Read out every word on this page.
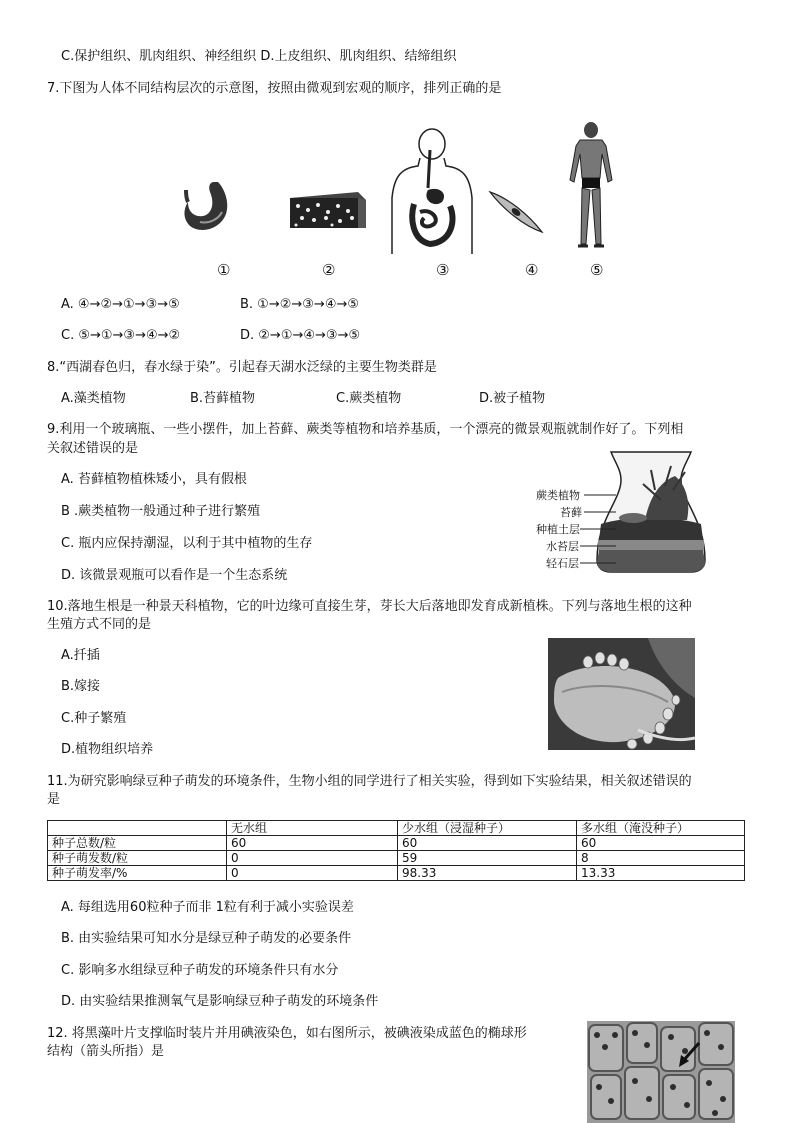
C.保护组织、肌肉组织、神经组织 D.上皮组织、肌肉组织、结缔组织
7.下图为人体不同结构层次的示意图，按照由微观到宏观的顺序，排列正确的是
①	②	③	④	⑤
A. ④→②→①→③→⑤	B. ①→②→③→④→⑤
C. ⑤→①→③→④→②	D. ②→①→④→③→⑤
8.“西湖春色归，春水绿于染”。引起春天湖水泛绿的主要生物类群是
A.藻类植物	B.苔藓植物	C.蕨类植物	D.被子植物
9.利用一个玻璃瓶、一些小摆件，加上苔藓、蕨类等植物和培养基质，一个漂亮的微景观瓶就制作好了。下列相
关叙述错误的是
A. 苔藓植物植株矮小，具有假根
B .蕨类植物一般通过种子进行繁殖
C. 瓶内应保持潮湿，以利于其中植物的生存
D. 该微景观瓶可以看作是一个生态系统
蕨类植物
苔藓
种植土层
水苔层
轻石层
10.落地生根是一种景天科植物，它的叶边缘可直接生芽，芽长大后落地即发育成新植株。下列与落地生根的这种
生殖方式不同的是
A.扦插
B.嫁接
C.种子繁殖
D.植物组织培养
11.为研究影响绿豆种子萌发的环境条件，生物小组的同学进行了相关实验，得到如下实验结果，相关叙述错误的
是
	无水组	少水组（浸湿种子）	多水组（淹没种子）
种子总数/粒	60	60	60
种子萌发数/粒	0	59	8
种子萌发率/%	0	98.33	13.33
A. 每组选用60粒种子而非 1粒有利于减小实验误差
B. 由实验结果可知水分是绿豆种子萌发的必要条件
C. 影响多水组绿豆种子萌发的环境条件只有水分
D. 由实验结果推测氧气是影响绿豆种子萌发的环境条件
12. 将黑藻叶片支撑临时装片并用碘液染色，如右图所示，被碘液染成蓝色的椭球形
结构（箭头所指）是
